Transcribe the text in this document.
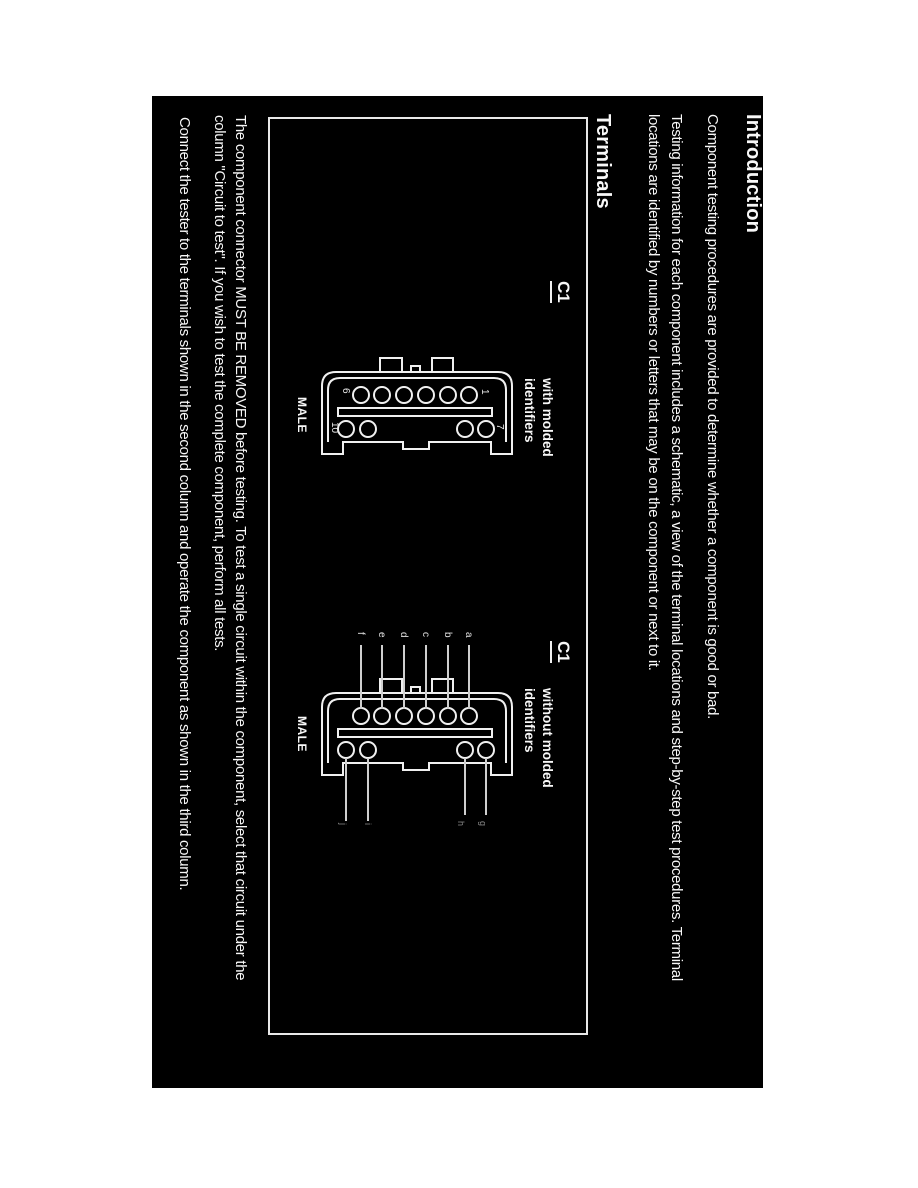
Introduction
Component testing procedures are provided to determine whether a component is good or bad.
Testing information for each component includes a schematic, a view of the terminal locations and step-by-step test procedures. Terminal
locations are identified by numbers or letters that may be on the component or next to it.
Terminals
C1
with molded
identifiers
MALE
6	1
10	7
C1
without molded
identifiers
MALE
f e d c b a
j i	h g
The component connector MUST BE REMOVED before testing. To test a single circuit within the component, select that circuit under the
column "Circuit to test". If you wish to test the complete component, perform all tests.
Connect the tester to the terminals shown in the second column and operate the component as shown in the third column.
